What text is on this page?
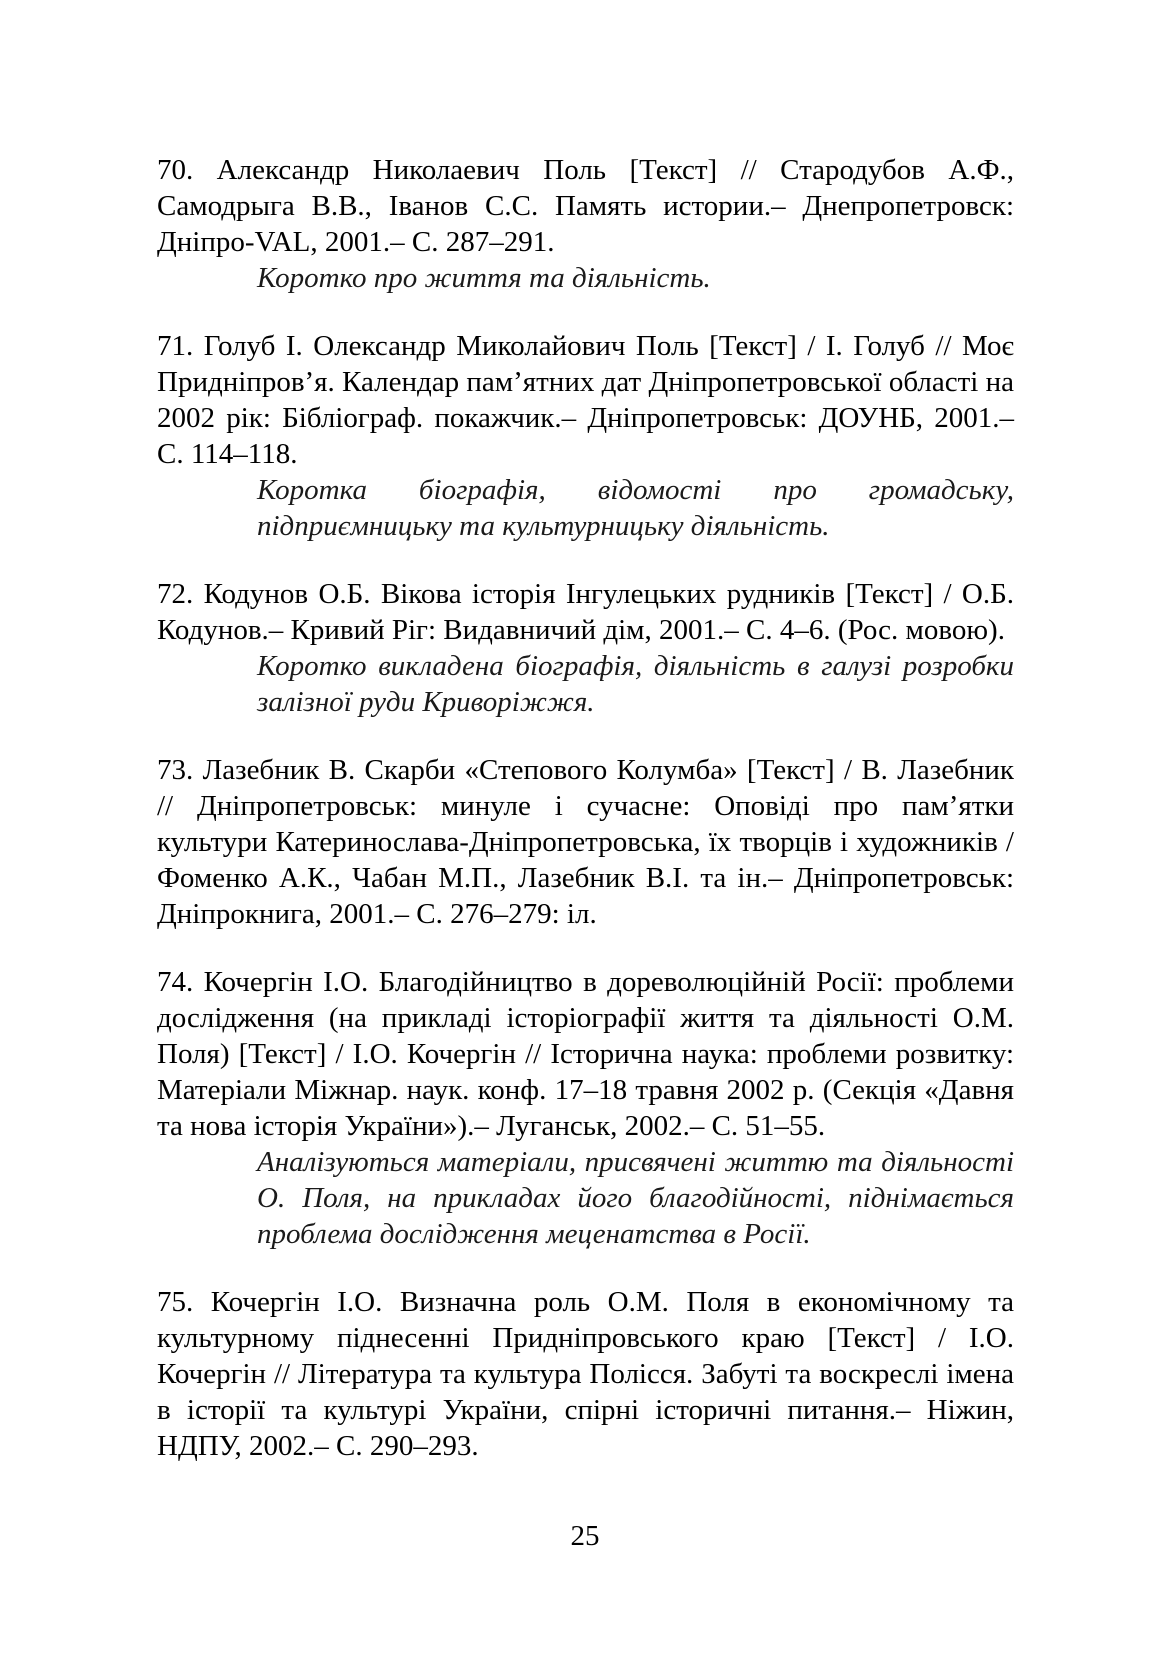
70. Александр Николаевич Поль [Текст] // Стародубов А.Ф., Самодрыга В.В., Іванов С.С. Память истории.– Днепропетровск: Дніпро-VAL, 2001.– С. 287–291.

Коротко про життя та діяльність.

71. Голуб І. Олександр Миколайович Поль [Текст] / І. Голуб // Моє Придніпров’я. Календар пам’ятних дат Дніпропетровської області на 2002 рік: Бібліограф. покажчик.– Дніпропетровськ: ДОУНБ, 2001.– С. 114–118.

Коротка біографія, відомості про громадську, підприємницьку та культурницьку діяльність.

72. Кодунов О.Б. Вікова історія Інгулецьких рудників [Текст] / О.Б. Кодунов.– Кривий Ріг: Видавничий дім, 2001.– С. 4–6. (Рос. мовою).

Коротко викладена біографія, діяльність в галузі розробки залізної руди Криворіжжя.

73. Лазебник В. Скарби «Степового Колумба» [Текст] / В. Лазебник // Дніпропетровськ: минуле і сучасне: Оповіді про пам’ятки культури Катеринослава-Дніпропетровська, їх творців і художників / Фоменко А.К., Чабан М.П., Лазебник В.І. та ін.– Дніпропетровськ: Дніпрокнига, 2001.– С. 276–279: іл.

74. Кочергін І.О. Благодійництво в дореволюційній Росії: проблеми дослідження (на прикладі історіографії життя та діяльності О.М. Поля) [Текст] / І.О. Кочергін // Історична наука: проблеми розвитку: Матеріали Міжнар. наук. конф. 17–18 травня 2002 р. (Секція «Давня та нова історія України»).– Луганськ, 2002.– С. 51–55.

Аналізуються матеріали, присвячені життю та діяльності О. Поля, на прикладах його благодійності, піднімається проблема дослідження меценатства в Росії.

75. Кочергін І.О. Визначна роль О.М. Поля в економічному та культурному піднесенні Придніпровського краю [Текст] / І.О. Кочергін // Література та культура Полісся. Забуті та воскреслі імена в історії та культурі України, спірні історичні питання.– Ніжин, НДПУ, 2002.– С. 290–293.

25
